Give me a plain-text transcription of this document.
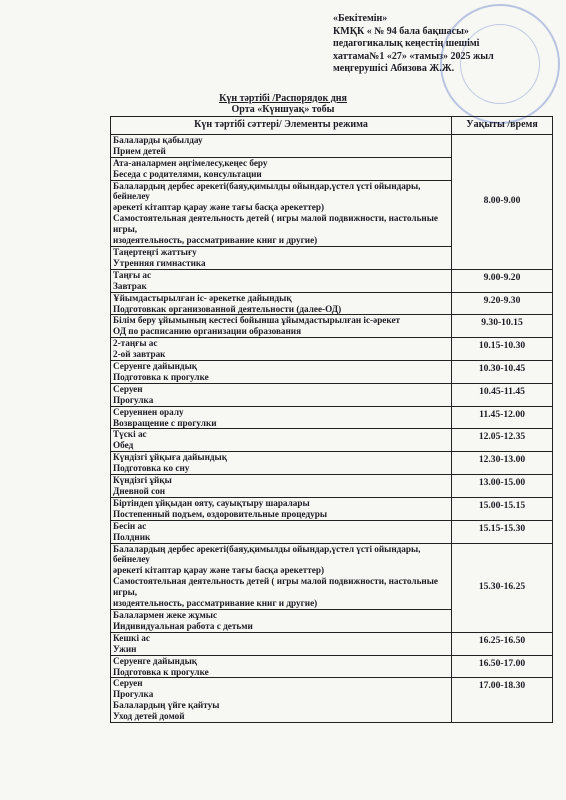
«Бекітемін»
КМҚК « № 94 бала бақшасы»
педагогикалық кеңестің шешімі
хаттама№1 «27» «тамыз» 2025 жыл
меңгерушісі Абизова Ж.Ж.
Күн тәртібі /Распорядок дня
Орта «Күншуақ» тобы
Күн тәртібі сәттері/ Элементы режима	Уақыты /время

Балаларды қабылдау
Прием детей	8.00-9.00

Ата-аналармен әңгімелесу,кеңес беру
Беседа с родителями, консультации	

Балалардың дербес әрекеті(баяу,қимылды ойындар,үстел үсті ойындары, бейнелеу
әрекеті кітаптар қарау және тағы басқа әрекеттер)
Самостоятельная деятельность детей ( игры малой подвижности, настольные игры,
изодеятельность, рассматривание книг и другие)	

Таңертеңгі жаттығу
Утренняя гимнастика	

Таңғы ас
Завтрак	9.00-9.20

Ұйымдастырылған іс- әрекетке дайындық
Подготовкак организованной деятельности (далее-ОД)	9.20-9.30

Білім беру ұйымының кестесі бойынша ұйымдастырылған іс-әрекет
ОД по расписанию организации образования	9.30-10.15

2-таңғы ас
2-ой завтрак	10.15-10.30

Серуенге дайындық
Подготовка к прогулке	10.30-10.45

Серуен
Прогулка	10.45-11.45

Серуеннен оралу
Возвращение с прогулки	11.45-12.00

Түскі ас
Обед	12.05-12.35

Күндізгі ұйқыға дайындық
Подготовка ко сну	12.30-13.00

Күндізгі ұйқы
Дневной сон	13.00-15.00

Біртіндеп ұйқыдан ояту, сауықтыру шаралары
Постепенный подъем, оздоровительные процедуры	15.00-15.15

Бесін ас
Полдник	15.15-15.30

Балалардың дербес әрекеті(баяу,қимылды ойындар,үстел үсті ойындары, бейнелеу
әрекеті кітаптар қарау және тағы басқа әрекеттер)
Самостоятельная деятельность детей ( игры малой подвижности, настольные игры,
изодеятельность, рассматривание книг и другие)	15.30-16.25

Балалармен жеке жұмыс
Индивидуальная работа с детьми	

Кешкі ас
Ужин	16.25-16.50

Серуенге дайындық
Подготовка к прогулке	16.50-17.00

Серуен
Прогулка
Балалардың үйге қайтуы
Уход детей домой	17.00-18.30
